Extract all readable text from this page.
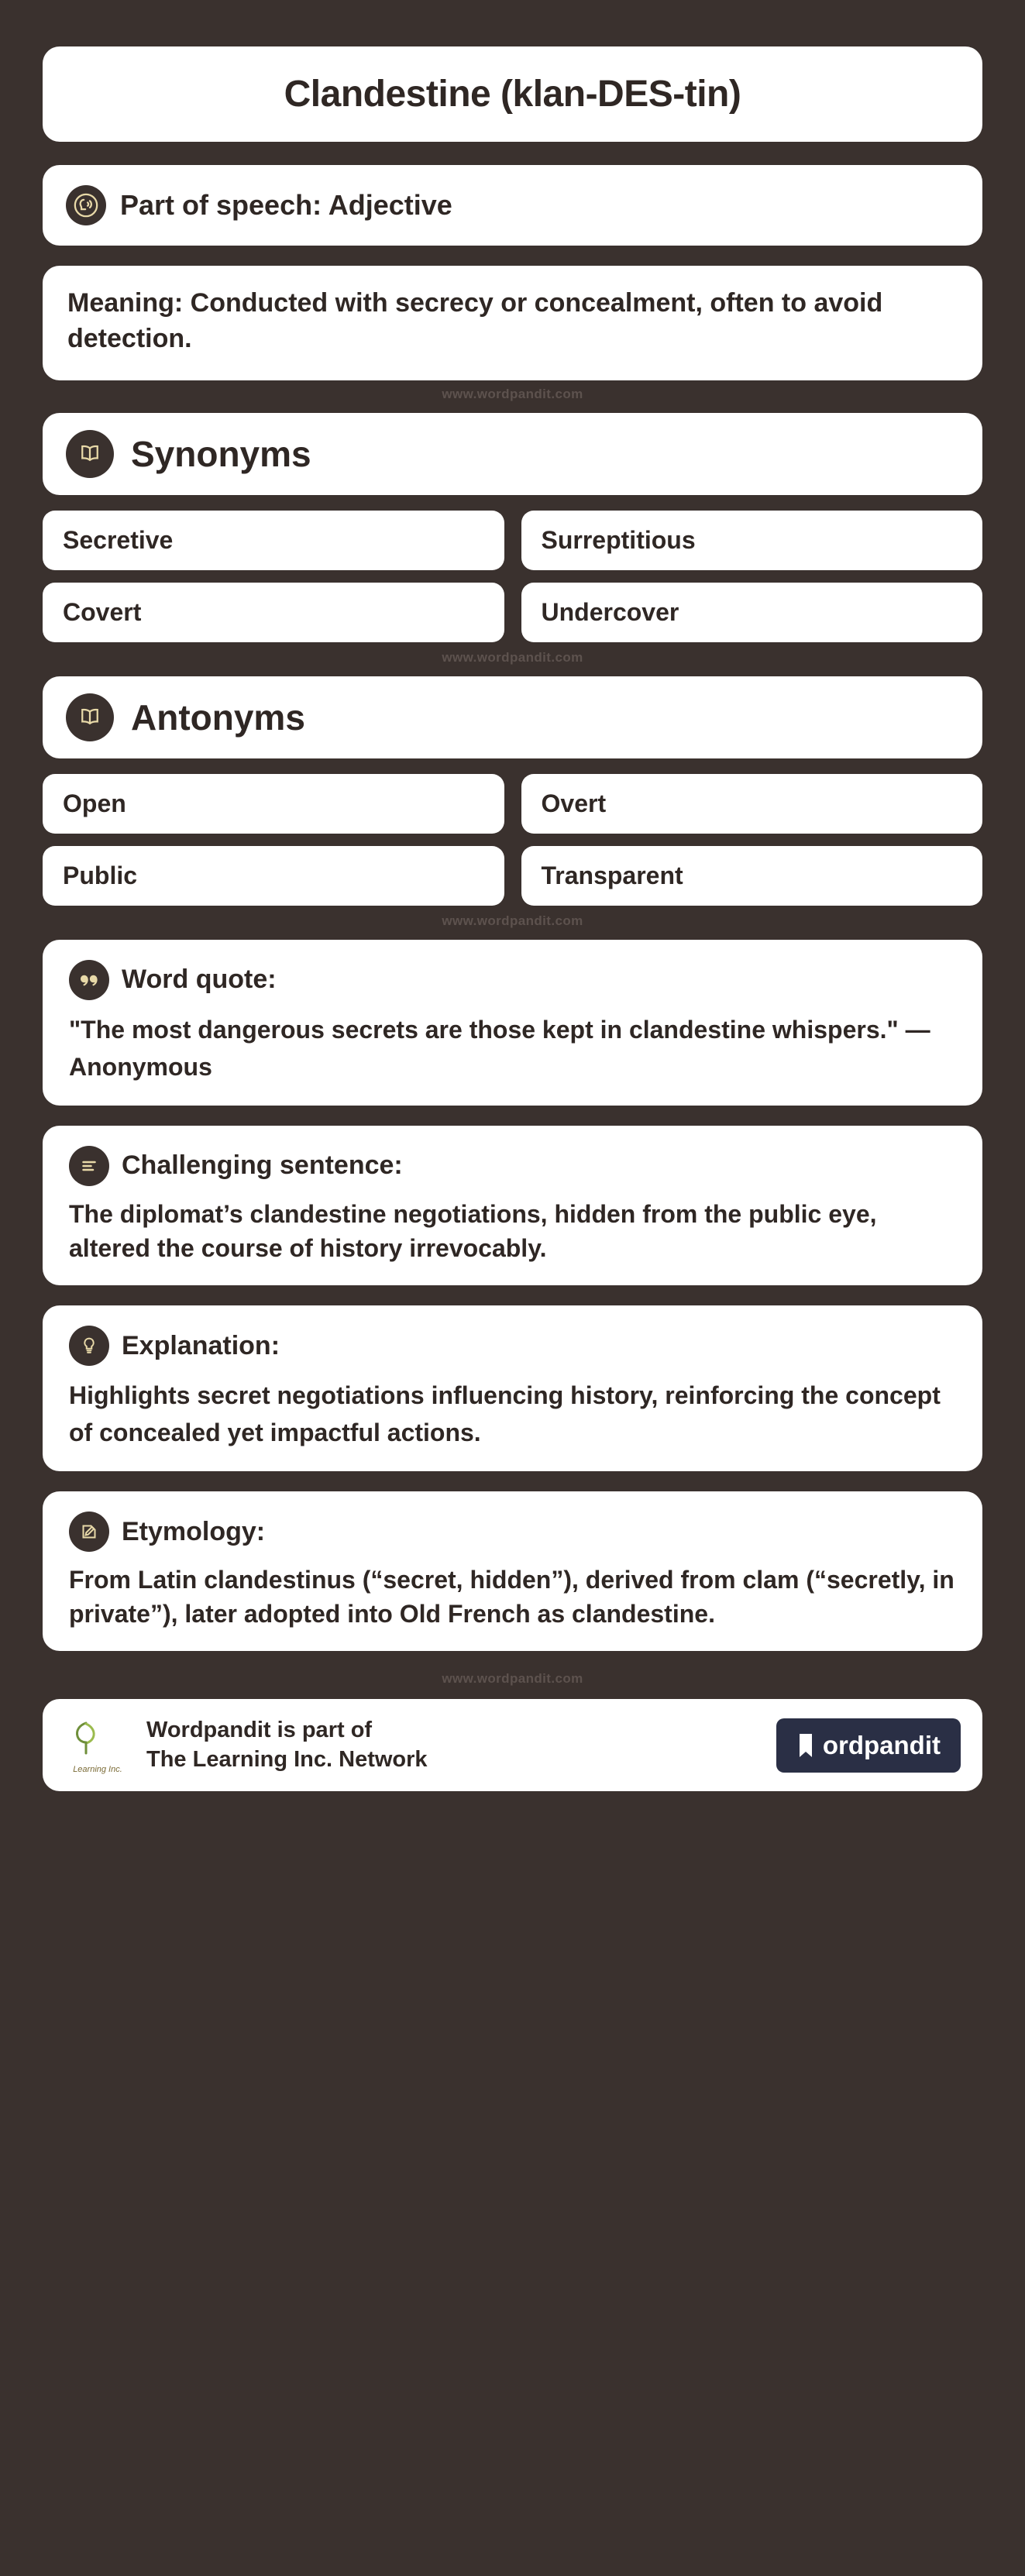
Clandestine (klan-DES-tin)
Part of speech: Adjective
Meaning: Conducted with secrecy or concealment, often to avoid detection.
www.wordpandit.com
Synonyms
Secretive	Surreptitious
Covert	Undercover
www.wordpandit.com
Antonyms
Open	Overt
Public	Transparent
www.wordpandit.com
Word quote:
"The most dangerous secrets are those kept in clandestine whispers." — Anonymous
Challenging sentence:
The diplomat’s clandestine negotiations, hidden from the public eye, altered the course of history irrevocably.
Explanation:
Highlights secret negotiations influencing history, reinforcing the concept of concealed yet impactful actions.
Etymology:
From Latin clandestinus (“secret, hidden”), derived from clam (“secretly, in private”), later adopted into Old French as clandestine.
www.wordpandit.com
Learning Inc.
Wordpandit is part of
The Learning Inc. Network	ordpandit
